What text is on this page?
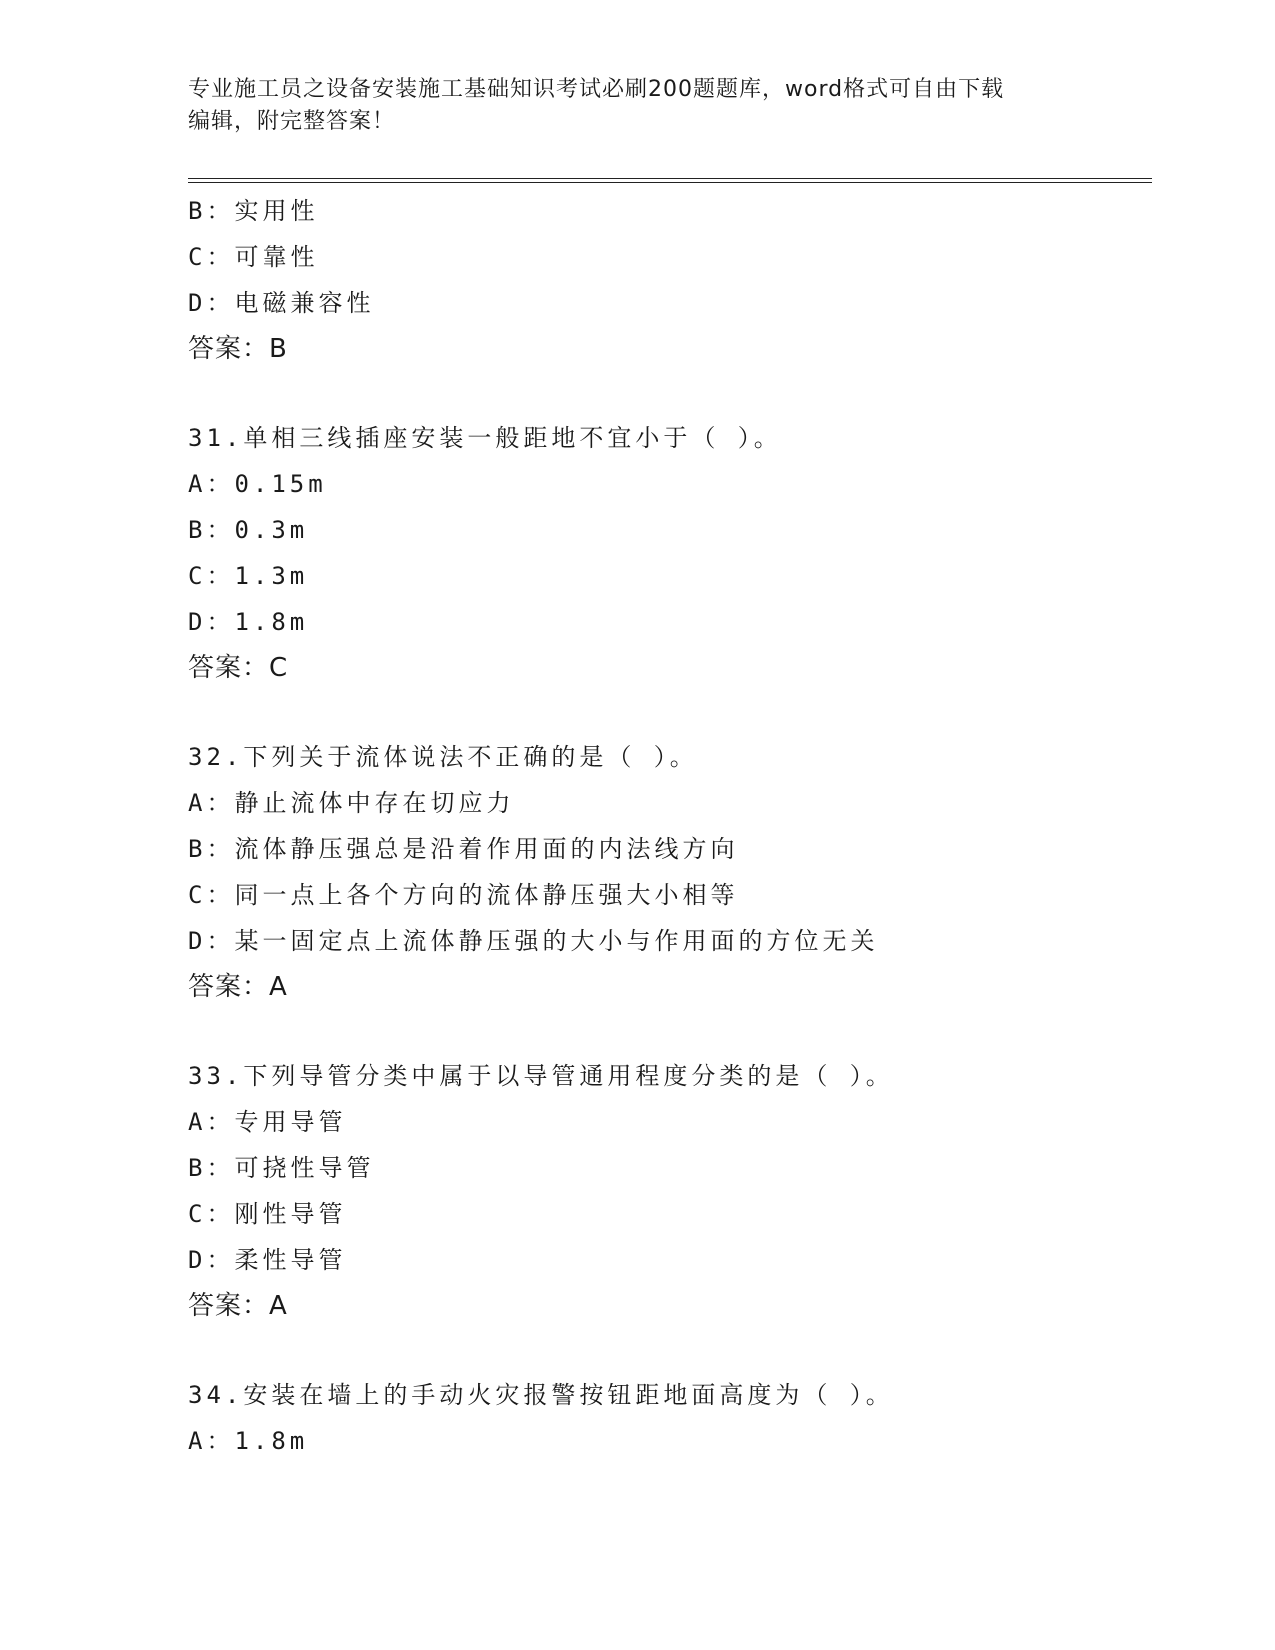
专业施工员之设备安装施工基础知识考试必刷200题题库，word格式可自由下载
编辑，附完整答案！
B：实用性
C：可靠性
D：电磁兼容性
答案：B
31.单相三线插座安装一般距地不宜小于（ ）。
A：0.15m
B：0.3m
C：1.3m
D：1.8m
答案：C
32.下列关于流体说法不正确的是（ ）。
A：静止流体中存在切应力
B：流体静压强总是沿着作用面的内法线方向
C：同一点上各个方向的流体静压强大小相等
D：某一固定点上流体静压强的大小与作用面的方位无关
答案：A
33.下列导管分类中属于以导管通用程度分类的是（ ）。
A：专用导管
B：可挠性导管
C：刚性导管
D：柔性导管
答案：A
34.安装在墙上的手动火灾报警按钮距地面高度为（ ）。
A：1.8m
